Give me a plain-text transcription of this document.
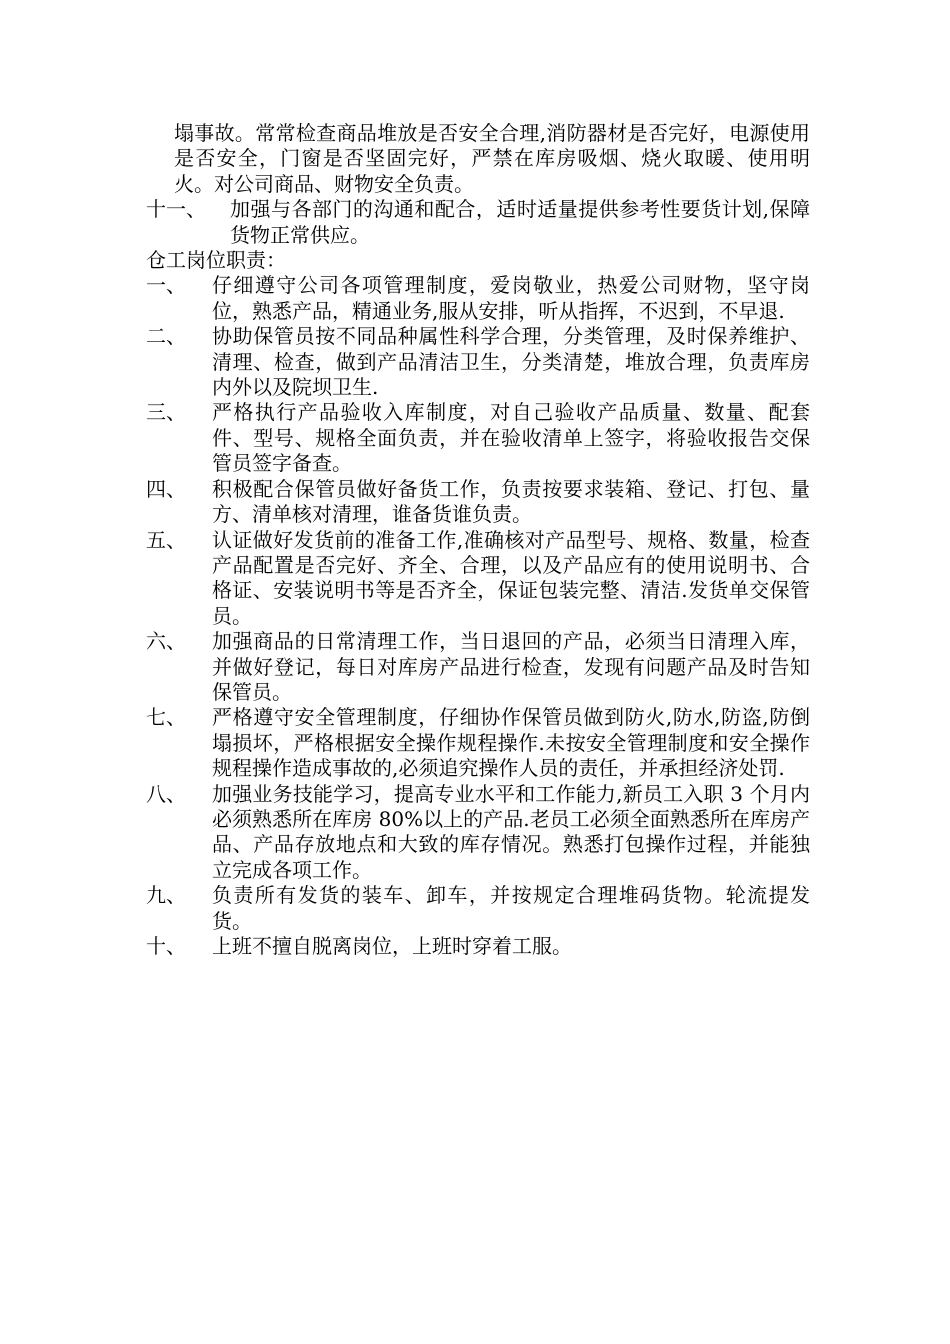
塌事故。常常检查商品堆放是否安全合理,消防器材是否完好，电源使用是否安全，门窗是否坚固完好，严禁在库房吸烟、烧火取暖、使用明火。对公司商品、财物安全负责。

十一、	加强与各部门的沟通和配合，适时适量提供参考性要货计划,保障货物正常供应。

仓工岗位职责：

一、	仔细遵守公司各项管理制度，爱岗敬业，热爱公司财物，坚守岗位，熟悉产品，精通业务,服从安排，听从指挥，不迟到，不早退.
二、	协助保管员按不同品种属性科学合理，分类管理，及时保养维护、清理、检查，做到产品清洁卫生，分类清楚，堆放合理，负责库房内外以及院坝卫生.
三、	严格执行产品验收入库制度，对自己验收产品质量、数量、配套件、型号、规格全面负责，并在验收清单上签字，将验收报告交保管员签字备查。
四、	积极配合保管员做好备货工作，负责按要求装箱、登记、打包、量方、清单核对清理，谁备货谁负责。
五、	认证做好发货前的准备工作,准确核对产品型号、规格、数量，检查产品配置是否完好、齐全、合理，以及产品应有的使用说明书、合格证、安装说明书等是否齐全，保证包装完整、清洁.发货单交保管员。
六、	加强商品的日常清理工作，当日退回的产品，必须当日清理入库，并做好登记，每日对库房产品进行检查，发现有问题产品及时告知保管员。
七、	严格遵守安全管理制度，仔细协作保管员做到防火,防水,防盗,防倒塌损坏，严格根据安全操作规程操作.未按安全管理制度和安全操作规程操作造成事故的,必须追究操作人员的责任，并承担经济处罚.
八、	加强业务技能学习，提高专业水平和工作能力,新员工入职 3 个月内必须熟悉所在库房 80%以上的产品.老员工必须全面熟悉所在库房产品、产品存放地点和大致的库存情况。熟悉打包操作过程，并能独立完成各项工作。
九、	负责所有发货的装车、卸车，并按规定合理堆码货物。轮流提发货。
十、	上班不擅自脱离岗位，上班时穿着工服。
